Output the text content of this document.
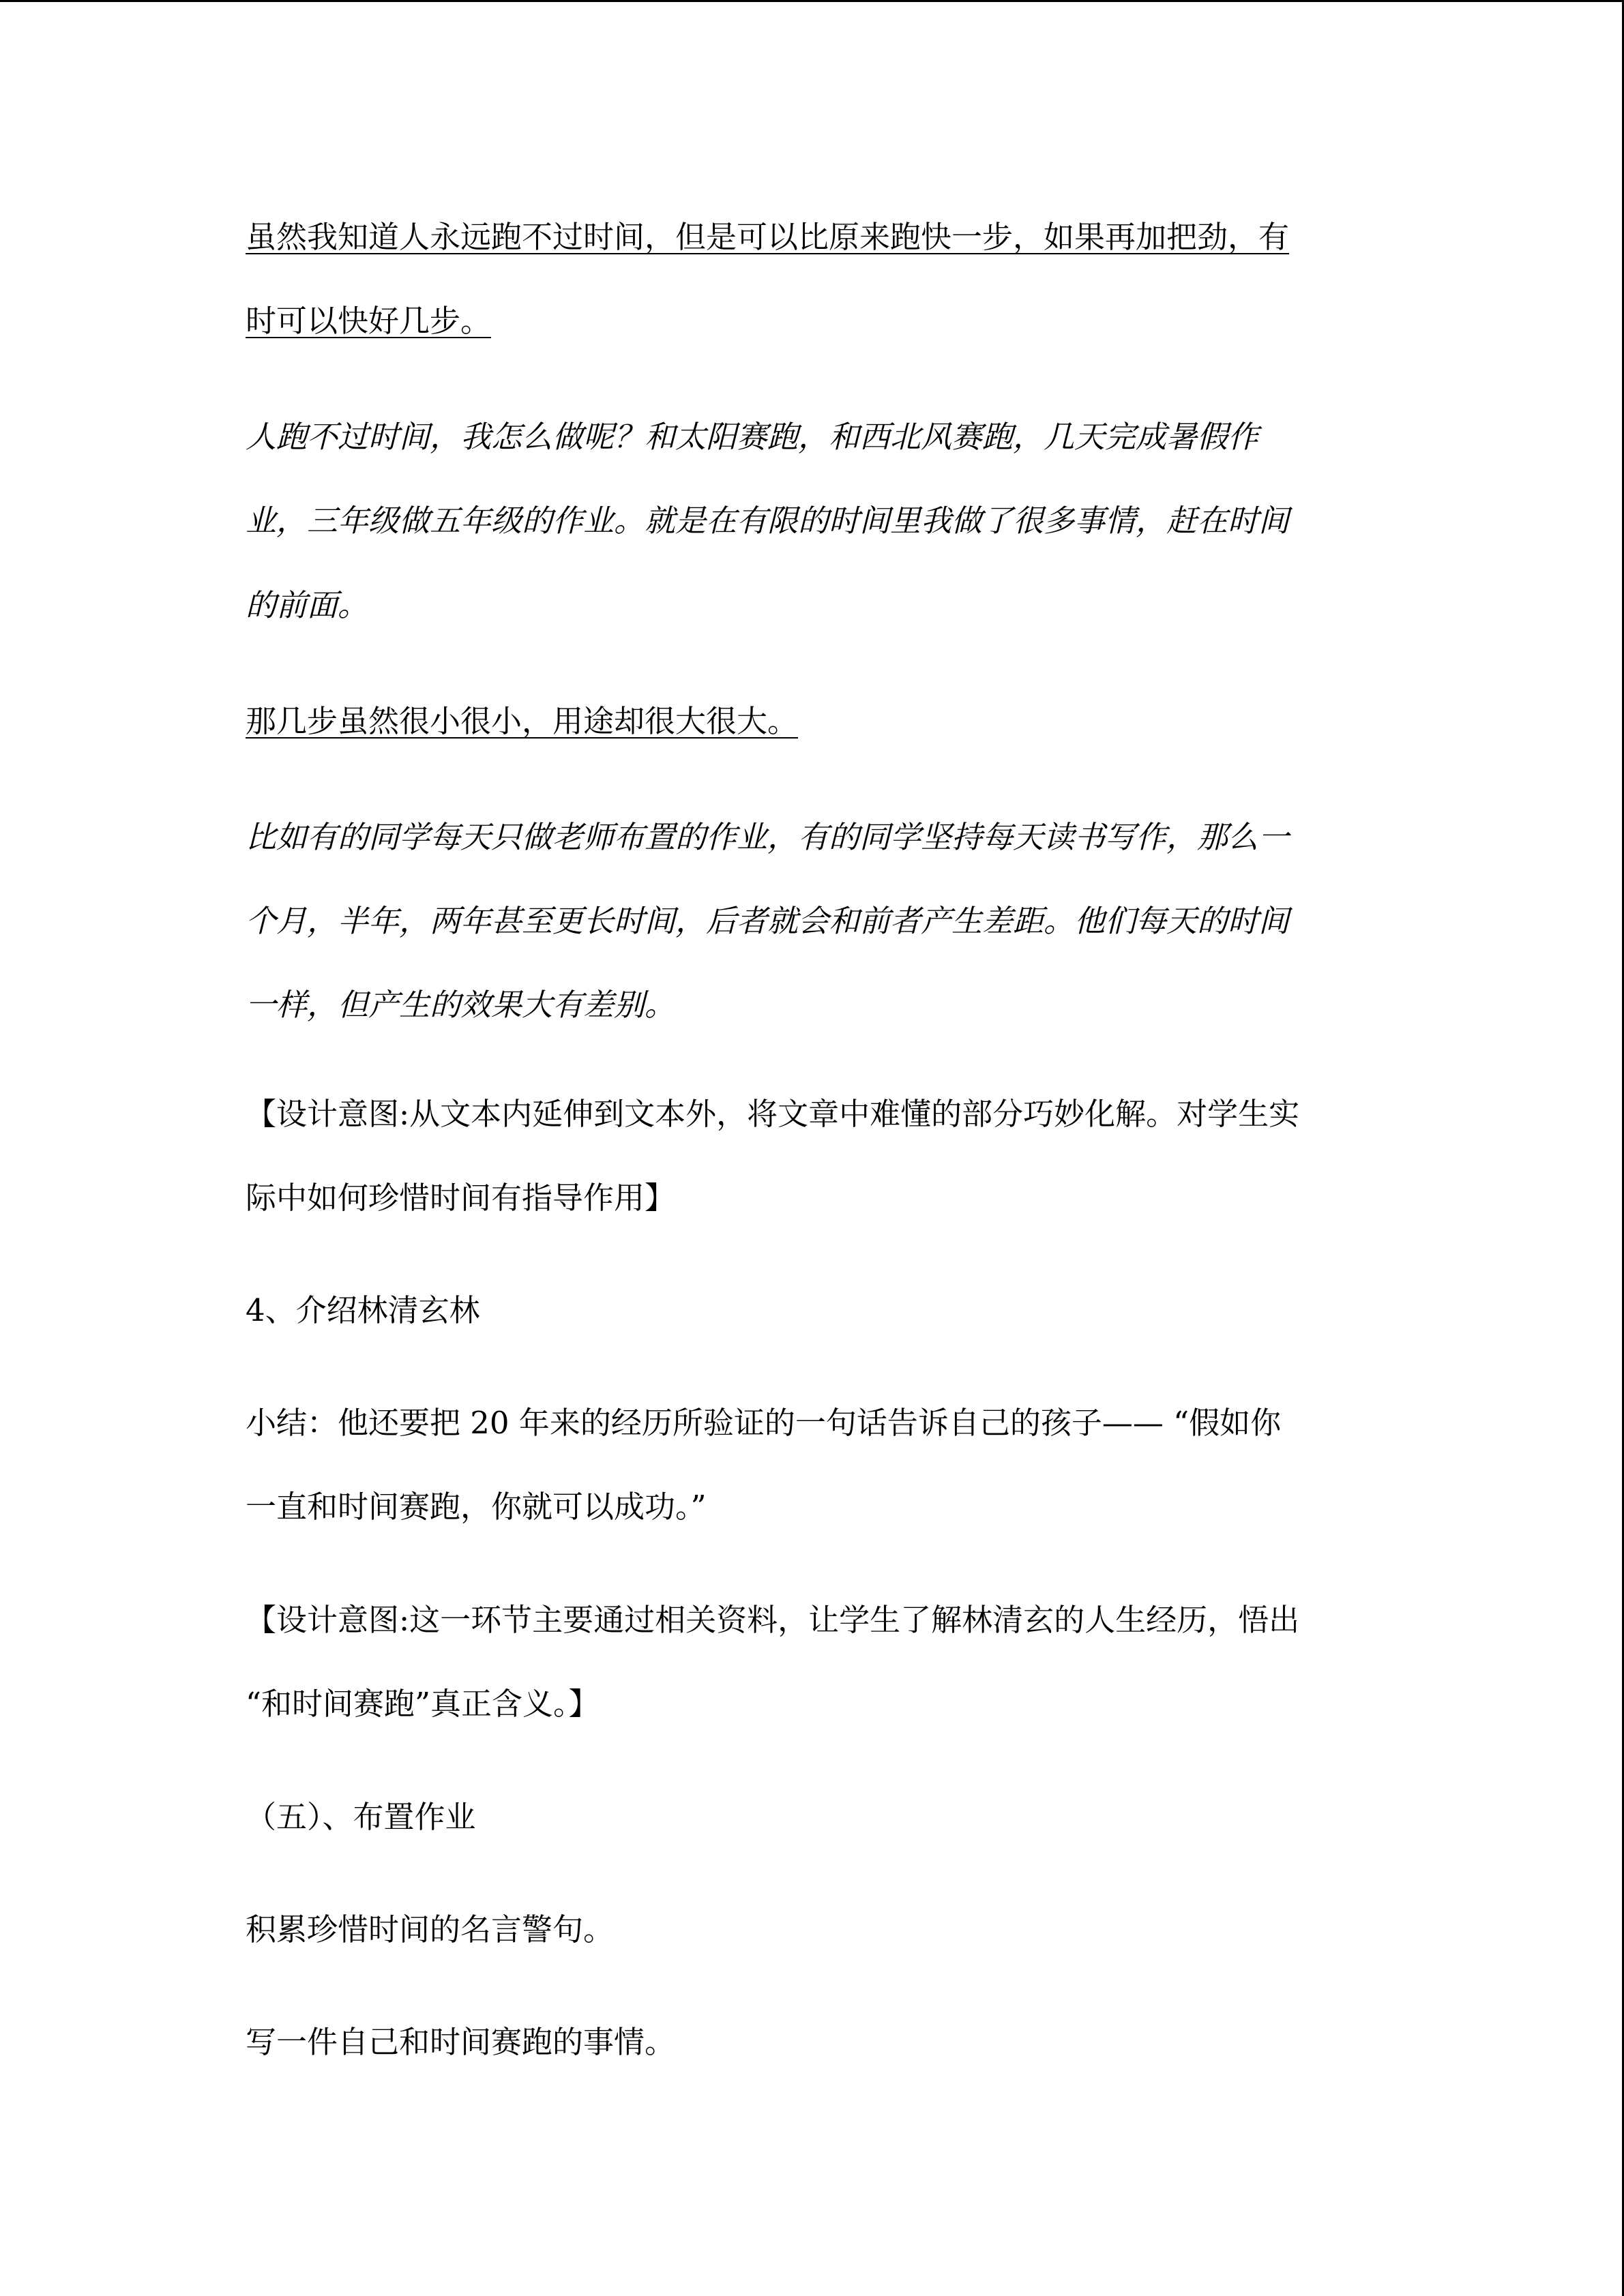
虽然我知道人永远跑不过时间，但是可以比原来跑快一步，如果再加把劲，有
时可以快好几步。
人跑不过时间，我怎么做呢？和太阳赛跑，和西北风赛跑，几天完成暑假作
业，三年级做五年级的作业。就是在有限的时间里我做了很多事情，赶在时间
的前面。
那几步虽然很小很小，用途却很大很大。
比如有的同学每天只做老师布置的作业，有的同学坚持每天读书写作，那么一
个月，半年，两年甚至更长时间，后者就会和前者产生差距。他们每天的时间
一样，但产生的效果大有差别。
【设计意图:从文本内延伸到文本外，将文章中难懂的部分巧妙化解。对学生实
际中如何珍惜时间有指导作用】
4、介绍林清玄林
小结：他还要把 20 年来的经历所验证的一句话告诉自己的孩子—— “假如你
一直和时间赛跑，你就可以成功。”
【设计意图:这一环节主要通过相关资料，让学生了解林清玄的人生经历，悟出
“和时间赛跑”真正含义。】
（五）、布置作业
积累珍惜时间的名言警句。
写一件自己和时间赛跑的事情。
